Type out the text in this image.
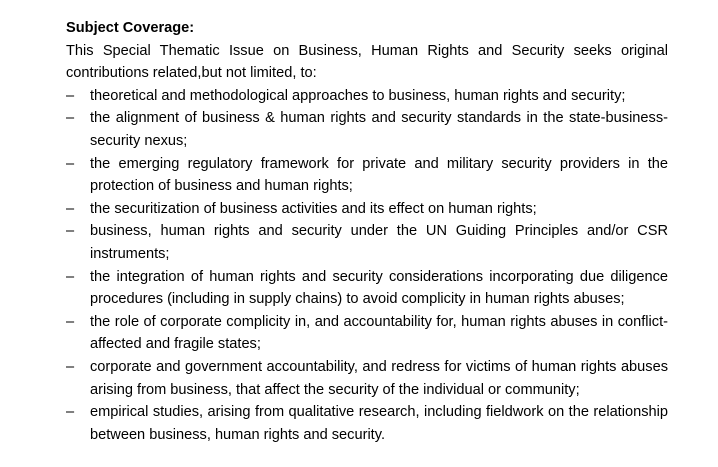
Subject Coverage:

This Special Thematic Issue on Business, Human Rights and Security seeks original contributions related,but not limited, to:

– theoretical and methodological approaches to business, human rights and security;
– the alignment of business & human rights and security standards in the state-business-security nexus;
– the emerging regulatory framework for private and military security providers in the protection of business and human rights;
– the securitization of business activities and its effect on human rights;
– business, human rights and security under the UN Guiding Principles and/or CSR instruments;
– the integration of human rights and security considerations incorporating due diligence procedures (including in supply chains) to avoid complicity in human rights abuses;
– the role of corporate complicity in, and accountability for, human rights abuses in conflict-affected and fragile states;
– corporate and government accountability, and redress for victims of human rights abuses arising from business, that affect the security of the individual or community;
– empirical studies, arising from qualitative research, including fieldwork on the relationship between business, human rights and security.
